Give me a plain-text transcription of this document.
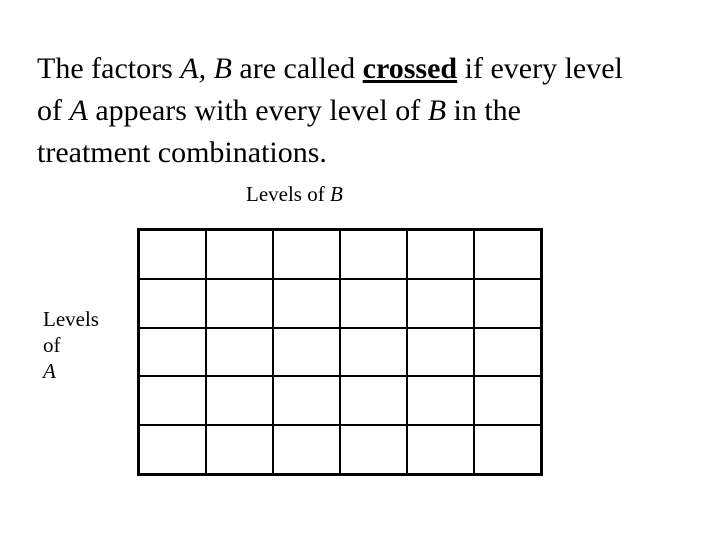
The factors A, B are called crossed if every level
of A appears with every level of B in the
treatment combinations.
Levels of B
Levels
of
A
